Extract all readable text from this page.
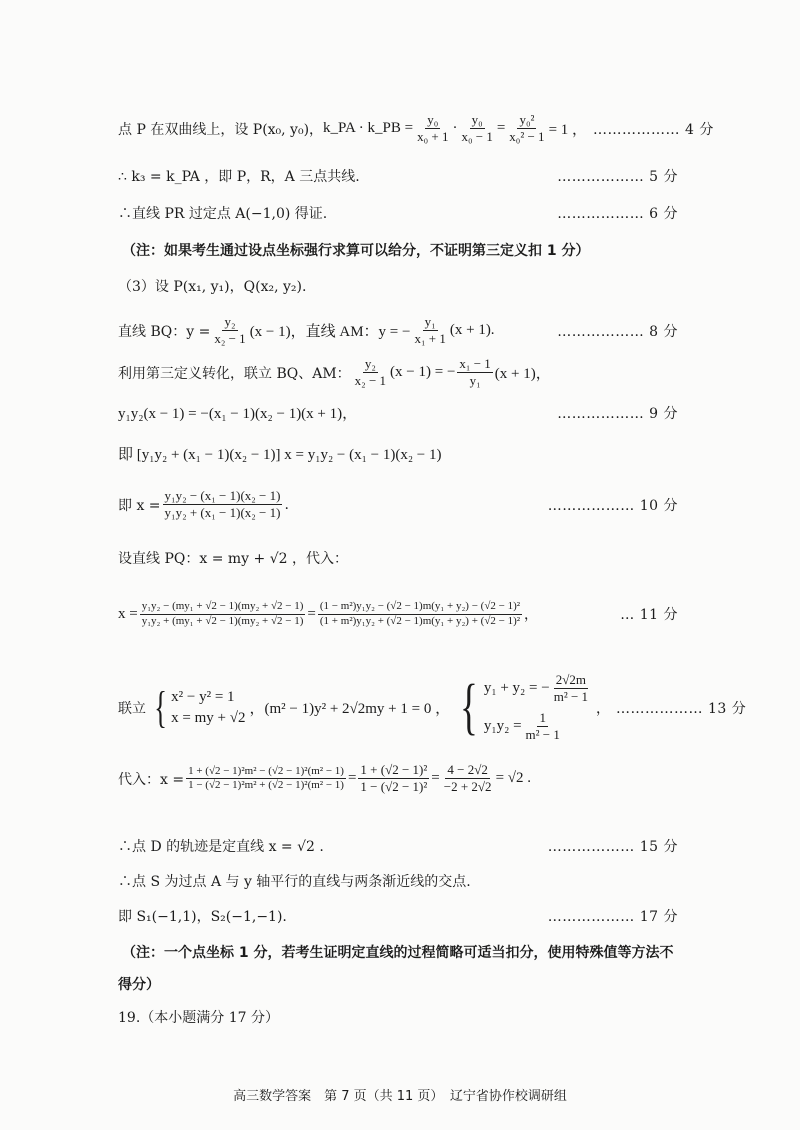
点 P 在双曲线上，设 P(x₀, y₀)， k_PA · k_PB = $\frac{\text{y₀}}{\text{x₀ + 1}} \cdot \frac{\text{y₀}}{\text{x₀ − 1}} = \frac{\text{y₀²}}{\text{x₀² − 1}} = 1$ ， ……………… 4 分
∴ k₃ = k_PA ，即 P，R，A 三点共线.	……………… 5 分
∴直线 PR 过定点 A(−1,0) 得证.	……………… 6 分
（注：如果考生通过设点坐标强行求算可以给分，不证明第三定义扣 1 分）
（3）设 P(x₁, y₁)，Q(x₂, y₂).
直线 BQ：$y = \frac{\text{y₂}}{\text{x₂ − 1}} (x - 1)$，直线 AM：y = − $\frac{\text{y₁}}{\text{x₁ + 1}} (x + 1)$.	……………… 8 分
利用第三定义转化，联立 BQ、AM： $\frac{\text{y₂}}{\text{x₂ − 1}} (x - 1)$ = − $\frac{\text{x₁ − 1}}{\text{y₁}} (x + 1)$，
y₁y₂(x − 1) = −(x₁ − 1)(x₂ − 1)(x + 1)，	……………… 9 分
即 [y₁y₂ + (x₁ − 1)(x₂ − 1)] x = y₁y₂ − (x₁ − 1)(x₂ − 1)
即 $x = \frac{\text{y₁y₂ − (x₁ − 1)(x₂ − 1)}}{\text{y₁y₂ + (x₁ − 1)(x₂ − 1)}}$ .	……………… 10 分
设直线 PQ：x = my + √2 ，代入：
$x = \frac{\text{y₁y₂ − (my₁ + √2 − 1)(my₂ + √2 − 1)}}{\text{y₁y₂ + (my₁ + √2 − 1)(my₂ + √2 − 1)}} = \frac{\text{(1 − m²)y₁y₂ − (√2 − 1)m(y₁ + y₂) − (√2 − 1)²}}{\text{(1 + m²)y₁y₂ + (√2 − 1)m(y₁ + y₂) + (√2 − 1)²}}$ ，	… 11 分
联立 { x² − y² = 1
x = my + √2
，(m² − 1)y² + 2√2my + 1 = 0 ， { y₁ + y₂ = − $\frac{2√2m}{\text{m² − 1}}$
$y_1y_2 = \frac{1}{\text{m² − 1}}$
， ……………… 13 分
代入：$x = \frac{\text{1 + (√2 − 1)²m² − (√2 − 1)²(m² − 1)}}{\text{1 − (√2 − 1)²m² + (√2 − 1)²(m² − 1)}} = \frac{\text{1 + (√2 − 1)²}}{\text{1 − (√2 − 1)²}} = \frac{4 - 2√2}{-2 + 2√2} = √2$ .
∴点 D 的轨迹是定直线 x = √2 .	……………… 15 分
∴点 S 为过点 A 与 y 轴平行的直线与两条渐近线的交点.
即 S₁(−1,1)，S₂(−1,−1).	……………… 17 分
（注：一个点坐标 1 分，若考生证明定直线的过程简略可适当扣分，使用特殊值等方法不
得分）
19.（本小题满分 17 分）
高三数学答案　第 7 页（共 11 页）　辽宁省协作校调研组
